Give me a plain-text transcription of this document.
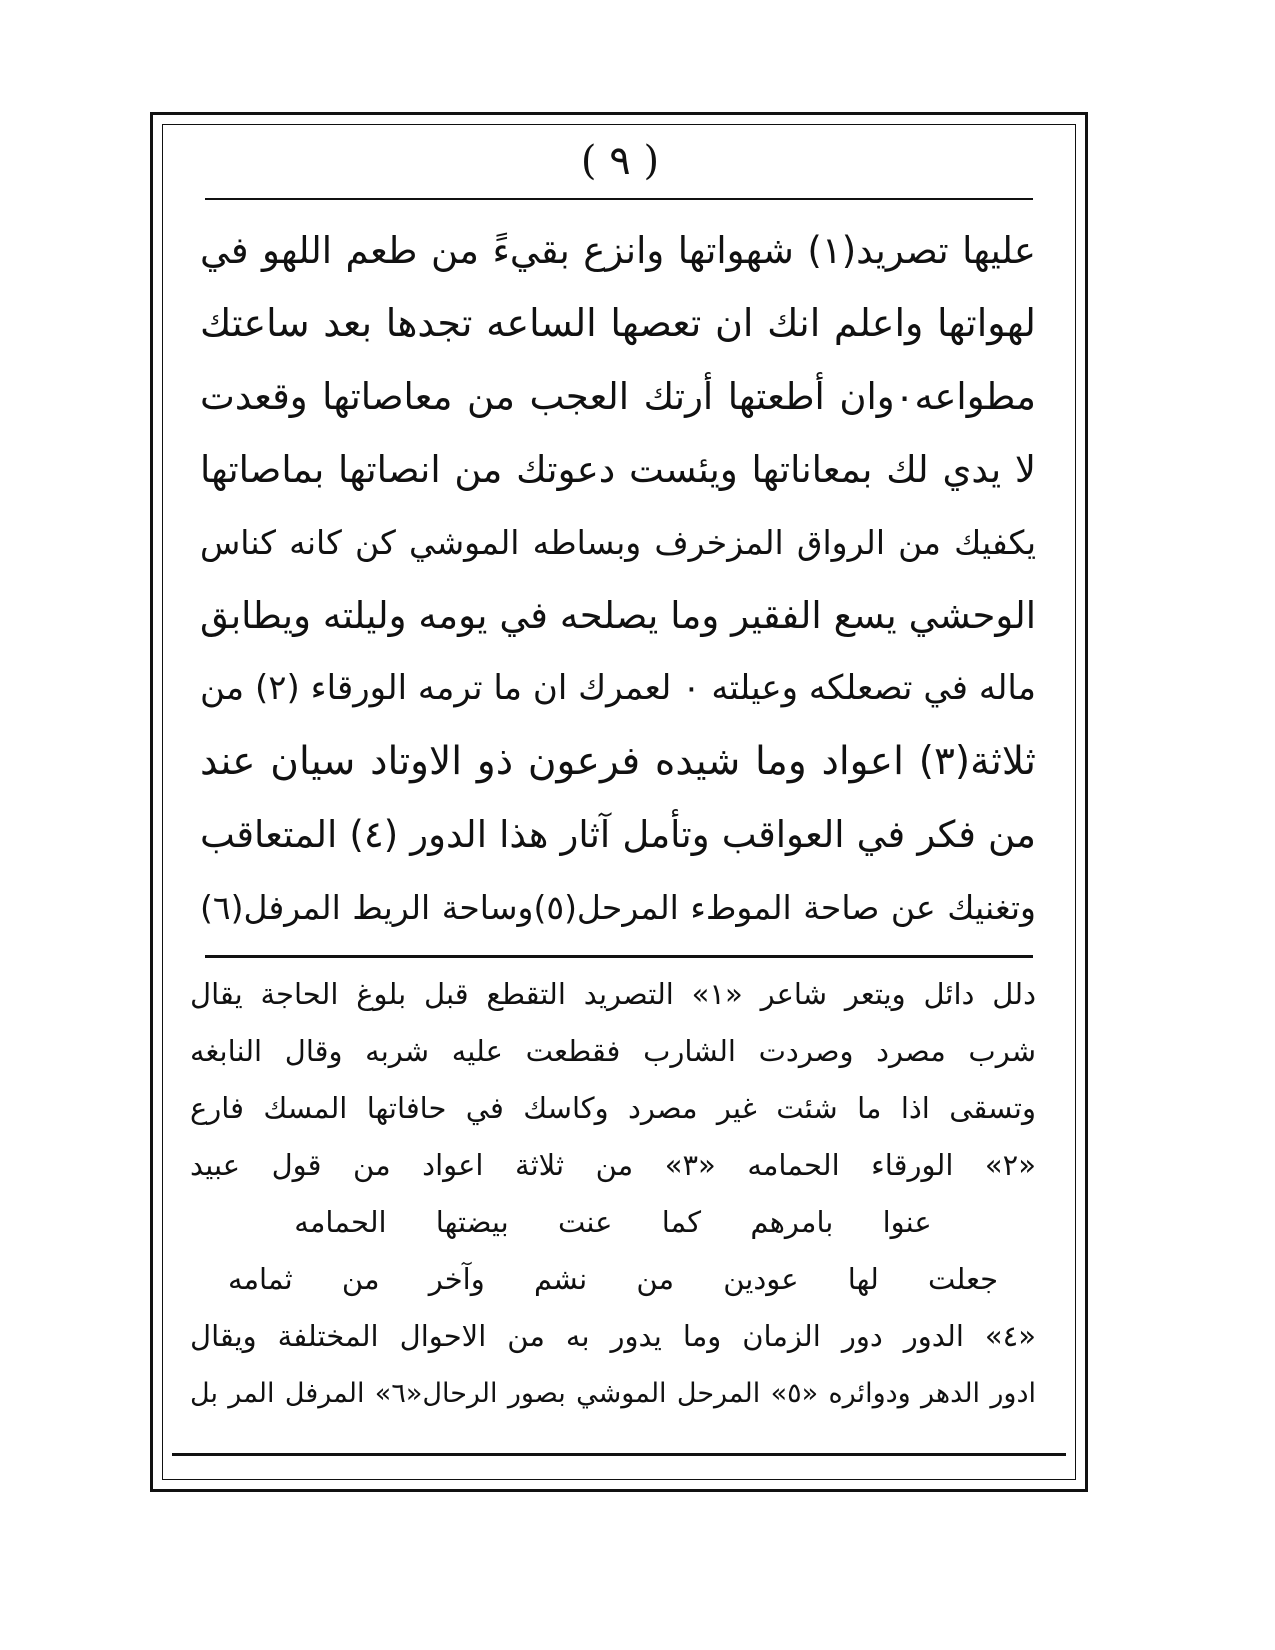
( ٩ )
عليها تصريد(١) شهواتها وانزع بقيءً من طعم اللهو في
لهواتها واعلم انك ان تعصها الساعه تجدها بعد ساعتك
مطواعه٠وان أطعتها أرتك العجب من معاصاتها وقعدت
لا يدي لك بمعاناتها ويئست دعوتك من انصاتها بماصاتها
يكفيك من الرواق المزخرف وبساطه الموشي كن كانه كناس
الوحشي يسع الفقير وما يصلحه في يومه وليلته ويطابق
ماله في تصعلكه وعيلته ٠ لعمرك ان ما ترمه الورقاء (٢) من
ثلاثة(٣) اعواد وما شيده فرعون ذو الاوتاد سيان عند
من فكر في العواقب وتأمل آثار هذا الدور (٤) المتعاقب
وتغنيك عن صاحة الموطء المرحل(٥)وساحة الريط المرفل(٦)
دلل دائل ويتعر شاعر «١» التصريد التقطع قبل بلوغ الحاجة يقال
شرب مصرد وصردت الشارب فقطعت عليه شربه وقال النابغه
وتسقى اذا ما شئت غير مصرد وكاسك في حافاتها المسك فارع
«٢» الورقاء الحمامه «٣» من ثلاثة اعواد من قول عبيد
عنوا بامرهم كما عنت بيضتها الحمامه
جعلت لها عودين من نشم وآخر من ثمامه
«٤» الدور دور الزمان وما يدور به من الاحوال المختلفة ويقال
ادور الدهر ودوائره «٥» المرحل الموشي بصور الرحال«٦» المرفل المر بل
